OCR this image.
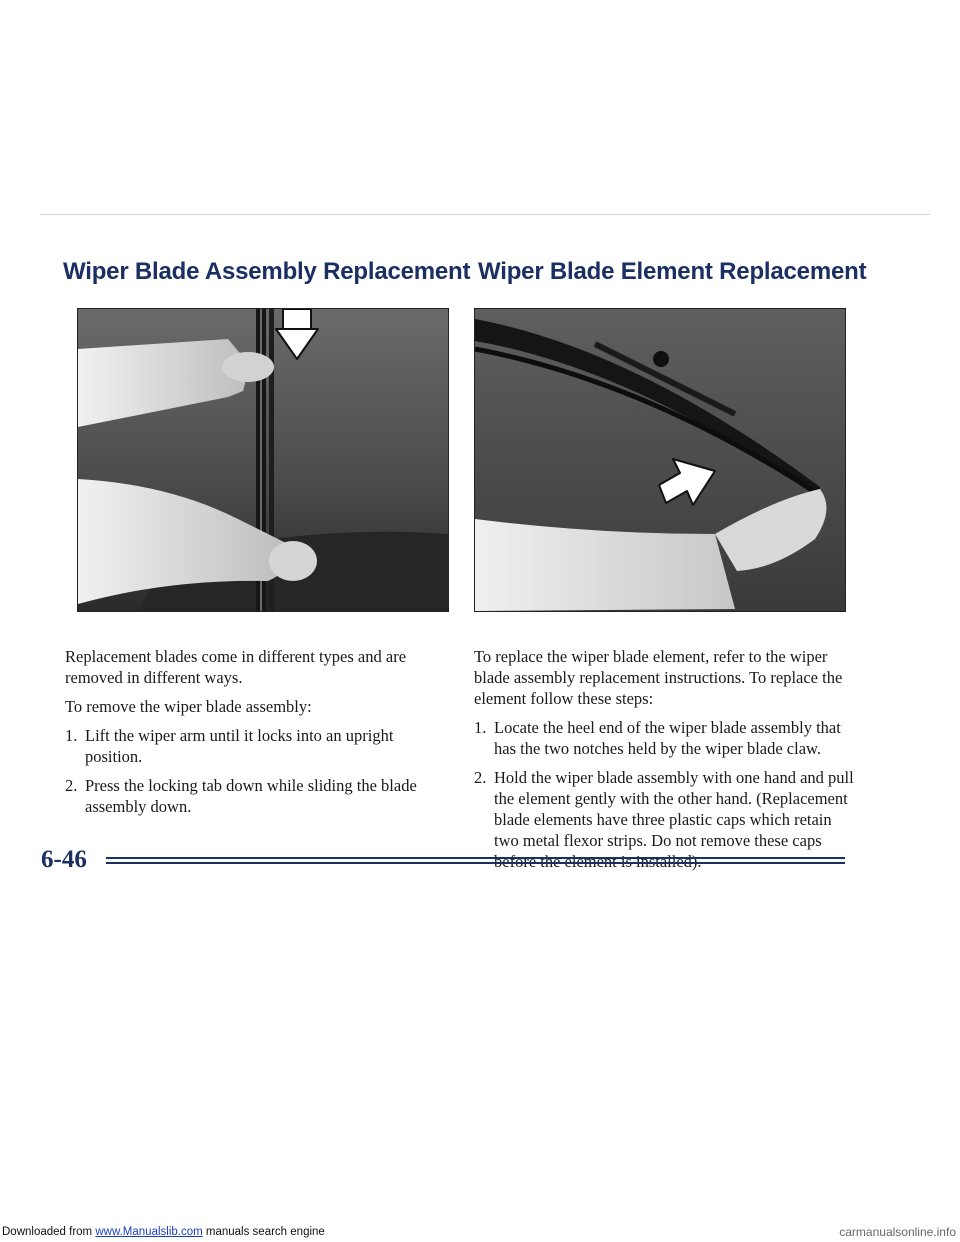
Wiper Blade Assembly Replacement Wiper Blade Element Replacement

Replacement blades come in different types and are removed in different ways.

To remove the wiper blade assembly:

1. Lift the wiper arm until it locks into an upright position.
2. Press the locking tab down while sliding the blade assembly down.

To replace the wiper blade element, refer to the wiper blade assembly replacement instructions. To replace the element follow these steps:

1. Locate the heel end of the wiper blade assembly that has the two notches held by the wiper blade claw.
2. Hold the wiper blade assembly with one hand and pull the element gently with the other hand. (Replacement blade elements have three plastic caps which retain two metal flexor strips. Do not remove these caps
6-46
Downloaded from www.Manualslib.com manuals search engine	carmanualsonline.info
